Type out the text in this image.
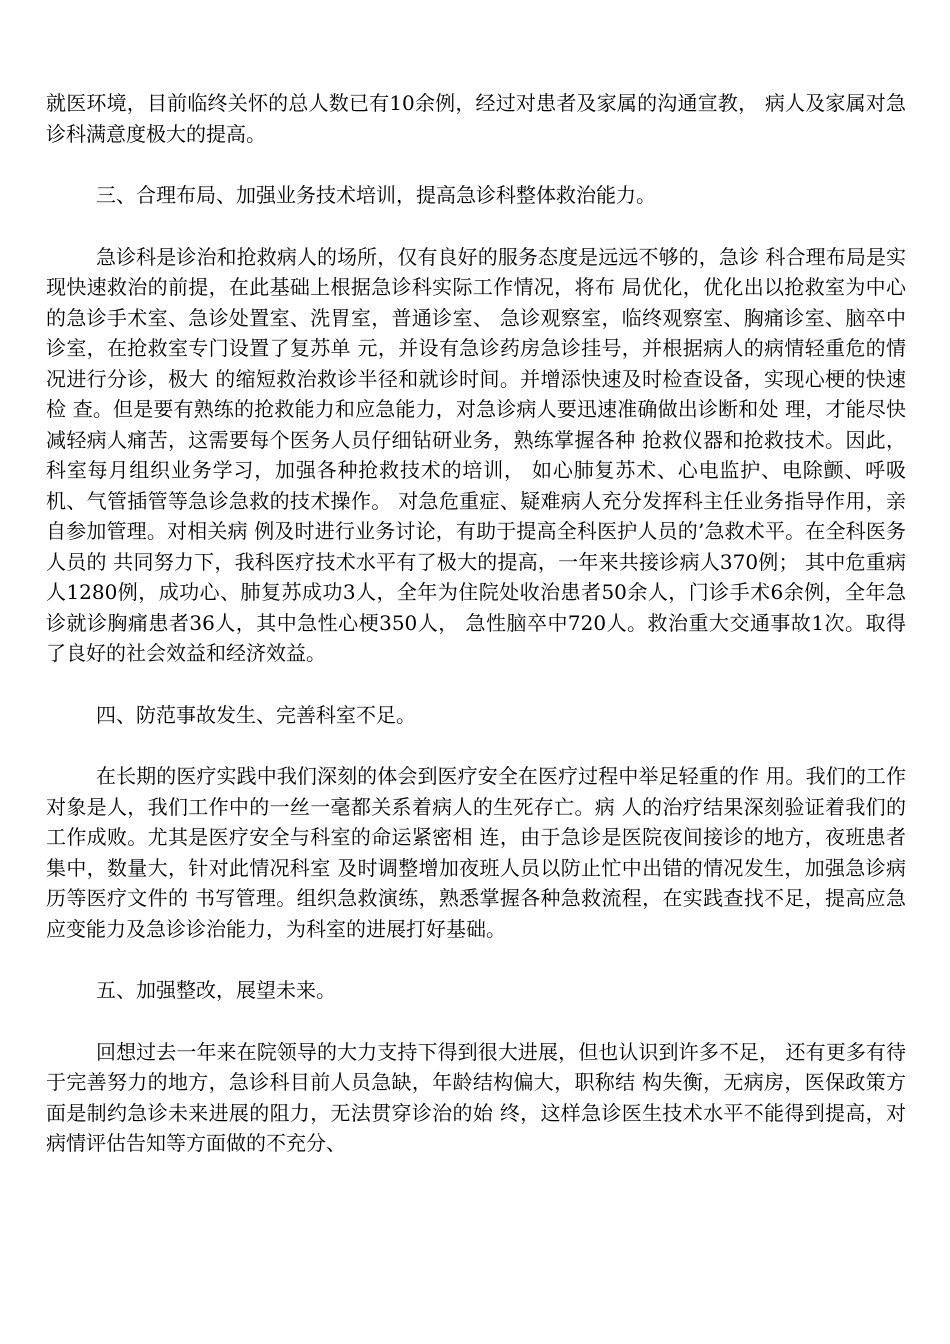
就医环境，目前临终关怀的总人数已有10余例，经过对患者及家属的沟通宣教， 病人及家属对急诊科满意度极大的提高。

三、合理布局、加强业务技术培训，提高急诊科整体救治能力。

急诊科是诊治和抢救病人的场所，仅有良好的服务态度是远远不够的，急诊 科合理布局是实现快速救治的前提，在此基础上根据急诊科实际工作情况，将布 局优化，优化出以抢救室为中心的急诊手术室、急诊处置室、洗胃室，普通诊室、 急诊观察室，临终观察室、胸痛诊室、脑卒中诊室，在抢救室专门设置了复苏单 元，并设有急诊药房急诊挂号，并根据病人的病情轻重危的情况进行分诊，极大 的缩短救治救诊半径和就诊时间。并增添快速及时检查设备，实现心梗的快速检 查。但是要有熟练的抢救能力和应急能力，对急诊病人要迅速准确做出诊断和处 理，才能尽快减轻病人痛苦，这需要每个医务人员仔细钻研业务，熟练掌握各种 抢救仪器和抢救技术。因此，科室每月组织业务学习，加强各种抢救技术的培训， 如心肺复苏术、心电监护、电除颤、呼吸机、气管插管等急诊急救的技术操作。 对急危重症、疑难病人充分发挥科主任业务指导作用，亲自参加管理。对相关病 例及时进行业务讨论，有助于提高全科医护人员的’急救术平。在全科医务人员的 共同努力下，我科医疗技术水平有了极大的提高，一年来共接诊病人370例； 其中危重病人1280例，成功心、肺复苏成功3人，全年为住院处收治患者50余人，门诊手术6余例，全年急诊就诊胸痛患者36人，其中急性心梗350人， 急性脑卒中720人。救治重大交通事故1次。取得了良好的社会效益和经济效益。

四、防范事故发生、完善科室不足。

在长期的医疗实践中我们深刻的体会到医疗安全在医疗过程中举足轻重的作 用。我们的工作对象是人，我们工作中的一丝一毫都关系着病人的生死存亡。病 人的治疗结果深刻验证着我们的工作成败。尤其是医疗安全与科室的命运紧密相 连，由于急诊是医院夜间接诊的地方，夜班患者集中，数量大，针对此情况科室 及时调整增加夜班人员以防止忙中出错的情况发生，加强急诊病历等医疗文件的 书写管理。组织急救演练，熟悉掌握各种急救流程，在实践查找不足，提高应急 应变能力及急诊诊治能力，为科室的进展打好基础。

五、加强整改，展望未来。

回想过去一年来在院领导的大力支持下得到很大进展，但也认识到许多不足， 还有更多有待于完善努力的地方，急诊科目前人员急缺，年龄结构偏大，职称结 构失衡，无病房，医保政策方面是制约急诊未来进展的阻力，无法贯穿诊治的始 终，这样急诊医生技术水平不能得到提高，对病情评估告知等方面做的不充分、
